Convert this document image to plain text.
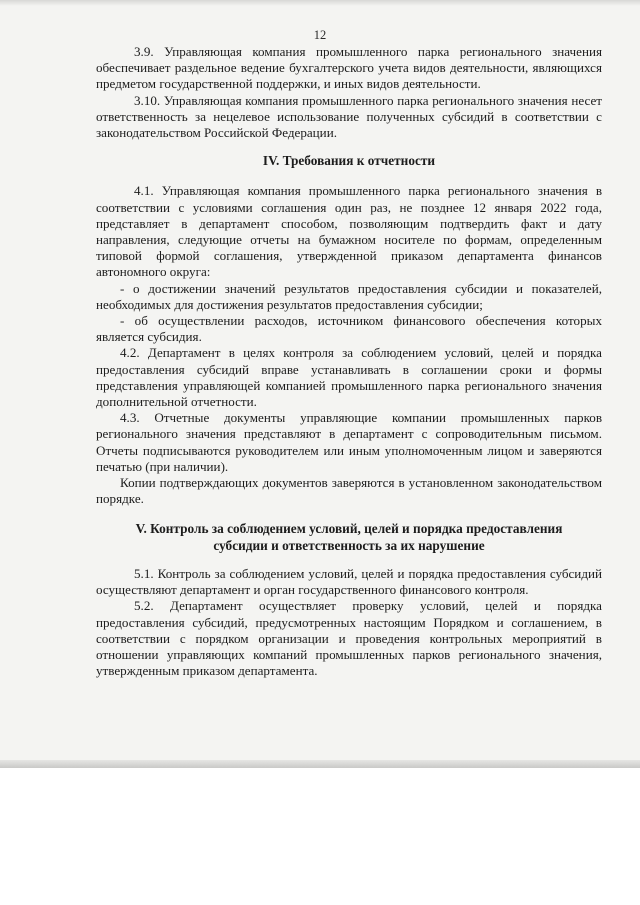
12

3.9. Управляющая компания промышленного парка регионального значения обеспечивает раздельное ведение бухгалтерского учета видов деятельности, являющихся предметом государственной поддержки, и иных видов деятельности.

3.10. Управляющая компания промышленного парка регионального значения несет ответственность за нецелевое использование полученных субсидий в соответствии с законодательством Российской Федерации.

IV. Требования к отчетности

4.1. Управляющая компания промышленного парка регионального значения в соответствии с условиями соглашения один раз, не позднее 12 января 2022 года, представляет в департамент способом, позволяющим подтвердить факт и дату направления, следующие отчеты на бумажном носителе по формам, определенным типовой формой соглашения, утвержденной приказом департамента финансов автономного округа:

- о достижении значений результатов предоставления субсидии и показателей, необходимых для достижения результатов предоставления субсидии;

- об осуществлении расходов, источником финансового обеспечения которых является субсидия.

4.2. Департамент в целях контроля за соблюдением условий, целей и порядка предоставления субсидий вправе устанавливать в соглашении сроки и формы представления управляющей компанией промышленного парка регионального значения дополнительной отчетности.

4.3. Отчетные документы управляющие компании промышленных парков регионального значения представляют в департамент с сопроводительным письмом. Отчеты подписываются руководителем или иным уполномоченным лицом и заверяются печатью (при наличии).

Копии подтверждающих документов заверяются в установленном законодательством порядке.

V. Контроль за соблюдением условий, целей и порядка предоставления

субсидии и ответственность за их нарушение

5.1. Контроль за соблюдением условий, целей и порядка предоставления субсидий осуществляют департамент и орган государственного финансового контроля.

5.2. Департамент осуществляет проверку условий, целей и порядка предоставления субсидий, предусмотренных настоящим Порядком и соглашением, в соответствии с порядком организации и проведения контрольных мероприятий в отношении управляющих компаний промышленных парков регионального значения, утвержденным приказом департамента.
